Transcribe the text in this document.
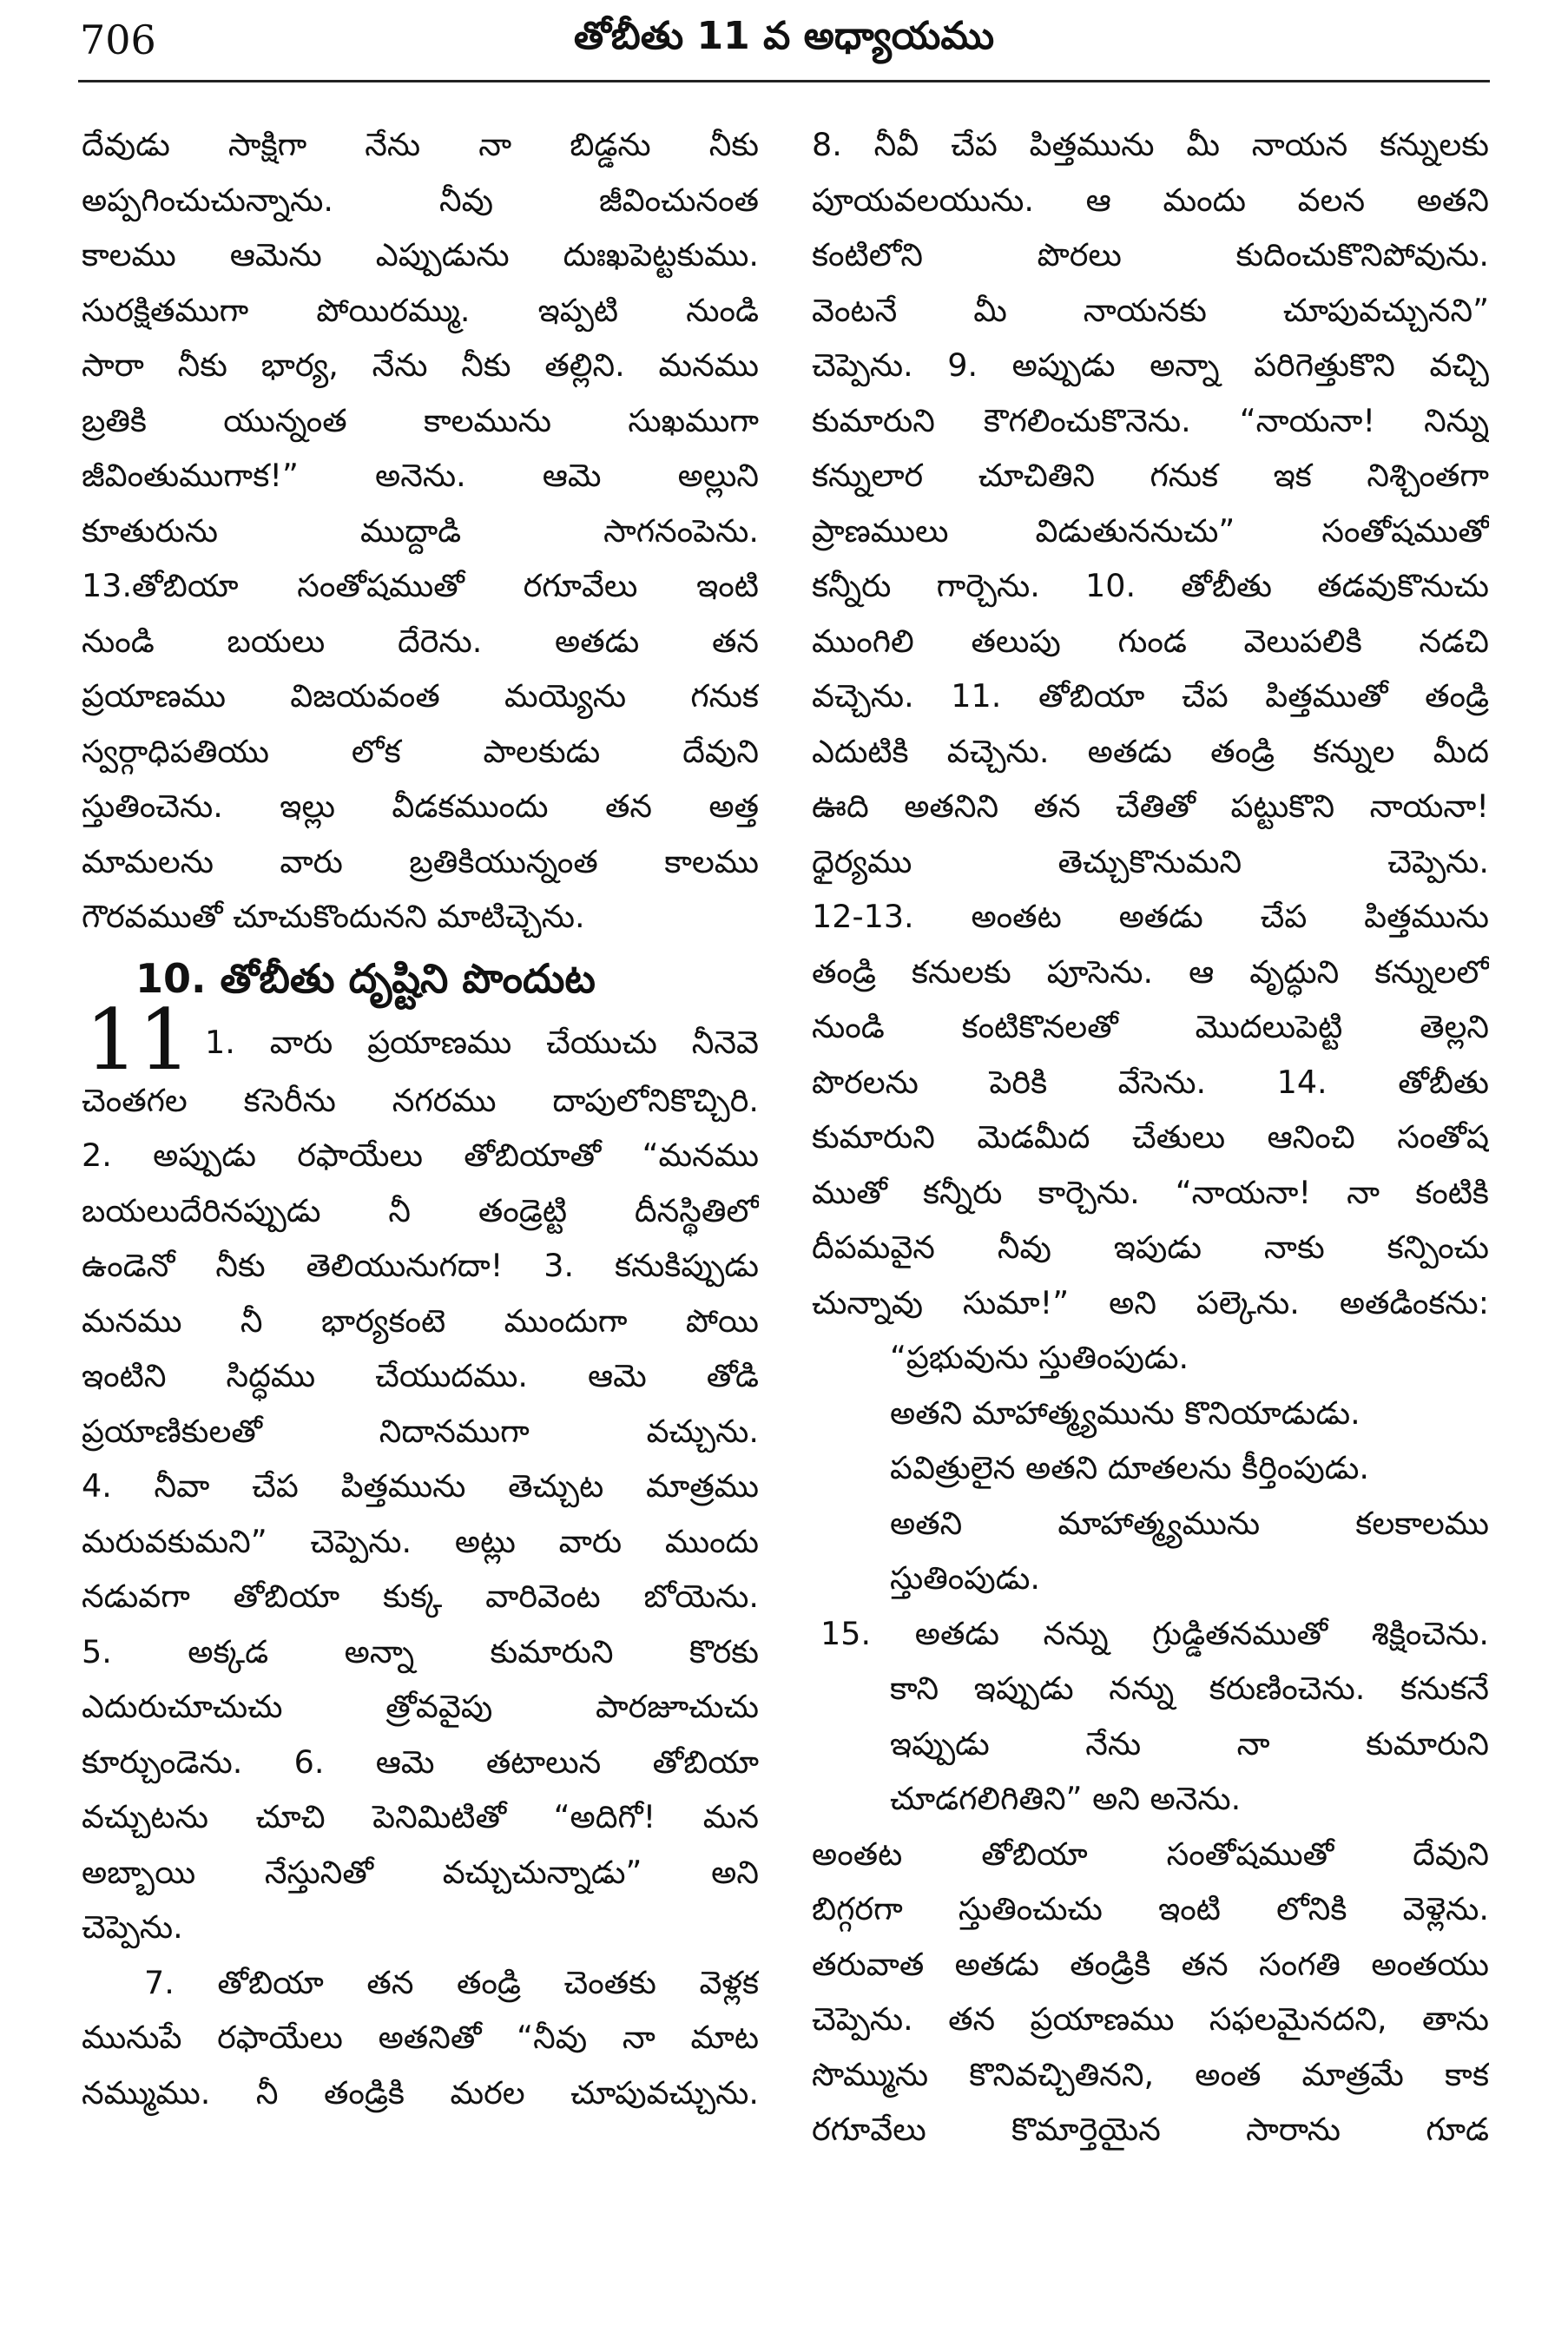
706	తోబీతు 11 వ అధ్యాయము
దేవుడు సాక్షిగా నేను నా బిడ్డను నీకు
అప్పగించుచున్నాను. నీవు జీవించునంత
కాలము ఆమెను ఎప్పుడును దుఃఖపెట్టకుము.
సురక్షితముగా పోయిరమ్ము. ఇప్పటి నుండి
సారా నీకు భార్య, నేను నీకు తల్లిని. మనము
బ్రతికి యున్నంత కాలమును సుఖముగా
జీవింతుముగాక!” అనెను. ఆమె అల్లుని
కూతురును ముద్దాడి సాగనంపెను.
13.తోబియా సంతోషముతో రగూవేలు ఇంటి
నుండి బయలు దేరెను. అతడు తన
ప్రయాణము విజయవంత మయ్యెను గనుక
స్వర్గాధిపతియు లోక పాలకుడు దేవుని
స్తుతించెను. ఇల్లు వీడకముందు తన అత్త
మామలను వారు బ్రతికియున్నంత కాలము
గౌరవముతో చూచుకొందునని మాటిచ్చెను.
10. తోబీతు దృష్టిని పొందుట
11 1. వారు ప్రయాణము చేయుచు నీనెవె
చెంతగల కసెరీను నగరము దాపులోనికొచ్చిరి.
2. అప్పుడు రఫాయేలు తోబియాతో “మనము
బయలుదేరినప్పుడు నీ తండ్రెట్టి దీనస్థితిలో
ఉండెనో నీకు తెలియునుగదా! 3. కనుకిప్పుడు
మనము నీ భార్యకంటె ముందుగా పోయి
ఇంటిని సిద్ధము చేయుదము. ఆమె తోడి
ప్రయాణికులతో నిదానముగా వచ్చును.
4. నీవా చేప పిత్తమును తెచ్చుట మాత్రము
మరువకుమని” చెప్పెను. అట్లు వారు ముందు
నడువగా తోబియా కుక్క వారివెంట బోయెను.
5. అక్కడ అన్నా కుమారుని కొరకు
ఎదురుచూచుచు త్రోవవైపు పారజూచుచు
కూర్చుండెను. 6. ఆమె తటాలున తోబియా
వచ్చుటను చూచి పెనిమిటితో “అదిగో! మన
అబ్బాయి నేస్తునితో వచ్చుచున్నాడు” అని
చెప్పెను.
7. తోబియా తన తండ్రి చెంతకు వెళ్లక
మునుపే రఫాయేలు అతనితో “నీవు నా మాట
నమ్ముము. నీ తండ్రికి మరల చూపువచ్చును.
8. నీవీ చేప పిత్తమును మీ నాయన కన్నులకు
పూయవలయును. ఆ మందు వలన అతని
కంటిలోని పొరలు కుదించుకొనిపోవును.
వెంటనే మీ నాయనకు చూపువచ్చునని”
చెప్పెను. 9. అప్పుడు అన్నా పరిగెత్తుకొని వచ్చి
కుమారుని కౌగలించుకొనెను. “నాయనా! నిన్ను
కన్నులార చూచితిని గనుక ఇక నిశ్చింతగా
ప్రాణములు విడుతుననుచు” సంతోషముతో
కన్నీరు గార్చెను. 10. తోబీతు తడవుకొనుచు
ముంగిలి తలుపు గుండ వెలుపలికి నడచి
వచ్చెను. 11. తోబియా చేప పిత్తముతో తండ్రి
ఎదుటికి వచ్చెను. అతడు తండ్రి కన్నుల మీద
ఊది అతనిని తన చేతితో పట్టుకొని నాయనా!
ధైర్యము తెచ్చుకొనుమని చెప్పెను.
12-13. అంతట అతడు చేప పిత్తమును
తండ్రి కనులకు పూసెను. ఆ వృద్ధుని కన్నులలో
నుండి కంటికొనలతో మొదలుపెట్టి తెల్లని
పొరలను పెరికి వేసెను. 14. తోబీతు
కుమారుని మెడమీద చేతులు ఆనించి సంతోష
ముతో కన్నీరు కార్చెను. “నాయనా! నా కంటికి
దీపమవైన నీవు ఇపుడు నాకు కన్పించు
చున్నావు సుమా!” అని పల్కెను. అతడింకను:
“ప్రభువును స్తుతింపుడు.
అతని మాహాత్మ్యమును కొనియాడుడు.
పవిత్రులైన అతని దూతలను కీర్తింపుడు.
అతని మాహాత్మ్యమును కలకాలము
స్తుతింపుడు.
15. అతడు నన్ను గ్రుడ్డితనముతో శిక్షించెను.
కాని ఇప్పుడు నన్ను కరుణించెను. కనుకనే
ఇప్పుడు నేను నా కుమారుని
చూడగలిగితిని” అని అనెను.
అంతట తోబియా సంతోషముతో దేవుని
బిగ్గరగా స్తుతించుచు ఇంటి లోనికి వెళ్లెను.
తరువాత అతడు తండ్రికి తన సంగతి అంతయు
చెప్పెను. తన ప్రయాణము సఫలమైనదని, తాను
సొమ్మును కొనివచ్చితినని, అంత మాత్రమే కాక
రగూవేలు కొమార్తెయైన సారాను గూడ
